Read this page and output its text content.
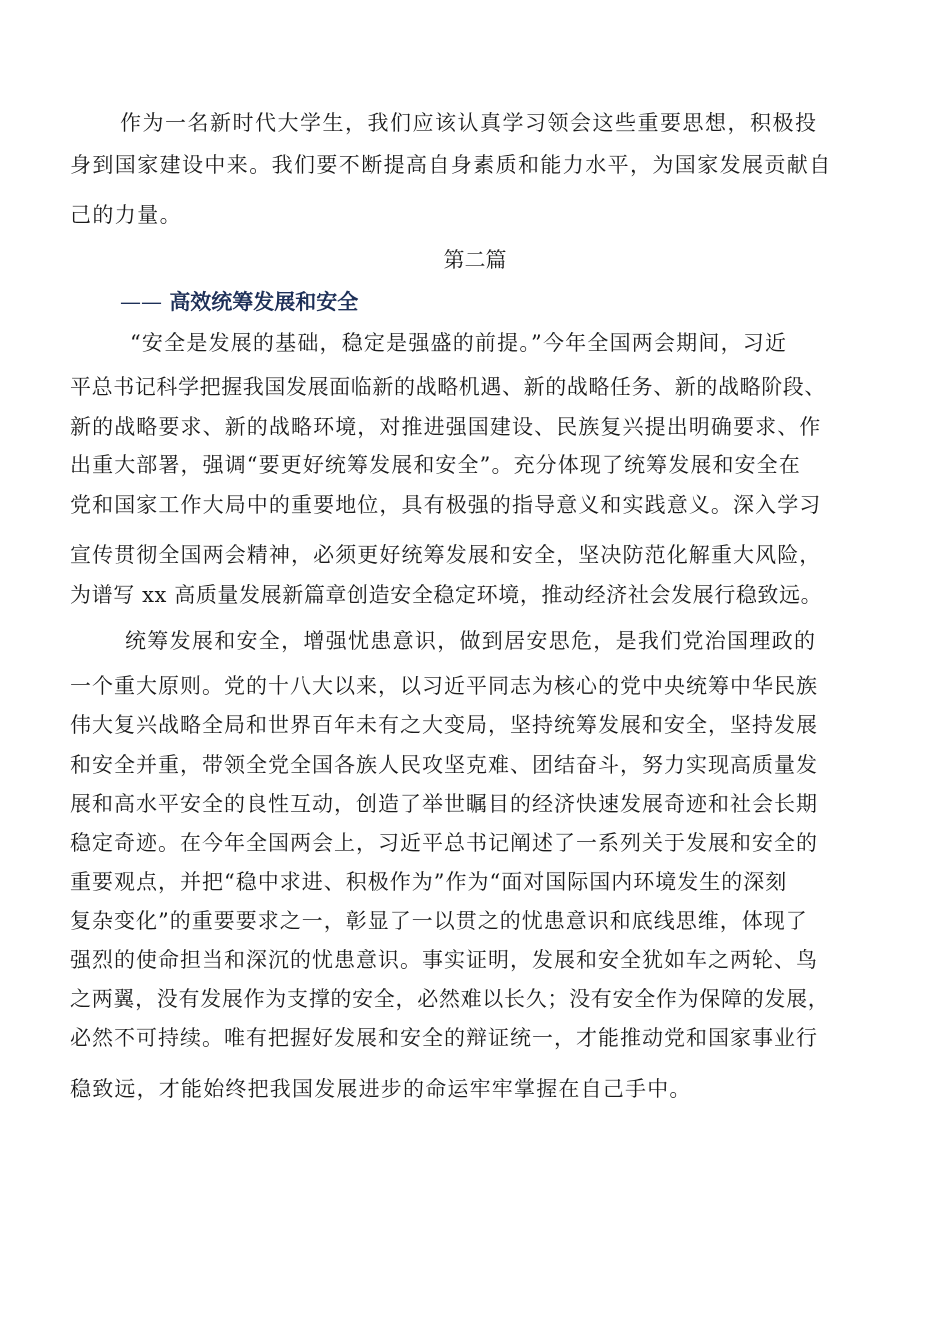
作为一名新时代大学生，我们应该认真学习领会这些重要思想，积极投
身到国家建设中来。我们要不断提高自身素质和能力水平，为国家发展贡献自
己的力量。
第二篇
—— 高效统筹发展和安全
“安全是发展的基础，稳定是强盛的前提。”今年全国两会期间，习近
平总书记科学把握我国发展面临新的战略机遇、新的战略任务、新的战略阶段、
新的战略要求、新的战略环境，对推进强国建设、民族复兴提出明确要求、作
出重大部署，强调“要更好统筹发展和安全”。充分体现了统筹发展和安全在
党和国家工作大局中的重要地位，具有极强的指导意义和实践意义。深入学习
宣传贯彻全国两会精神，必须更好统筹发展和安全，坚决防范化解重大风险，
为谱写 xx 高质量发展新篇章创造安全稳定环境，推动经济社会发展行稳致远。
统筹发展和安全，增强忧患意识，做到居安思危，是我们党治国理政的
一个重大原则。党的十八大以来，以习近平同志为核心的党中央统筹中华民族
伟大复兴战略全局和世界百年未有之大变局，坚持统筹发展和安全，坚持发展
和安全并重，带领全党全国各族人民攻坚克难、团结奋斗，努力实现高质量发
展和高水平安全的良性互动，创造了举世瞩目的经济快速发展奇迹和社会长期
稳定奇迹。在今年全国两会上，习近平总书记阐述了一系列关于发展和安全的
重要观点，并把“稳中求进、积极作为”作为“面对国际国内环境发生的深刻
复杂变化”的重要要求之一，彰显了一以贯之的忧患意识和底线思维，体现了
强烈的使命担当和深沉的忧患意识。事实证明，发展和安全犹如车之两轮、鸟
之两翼，没有发展作为支撑的安全，必然难以长久；没有安全作为保障的发展，
必然不可持续。唯有把握好发展和安全的辩证统一，才能推动党和国家事业行
稳致远，才能始终把我国发展进步的命运牢牢掌握在自己手中。
